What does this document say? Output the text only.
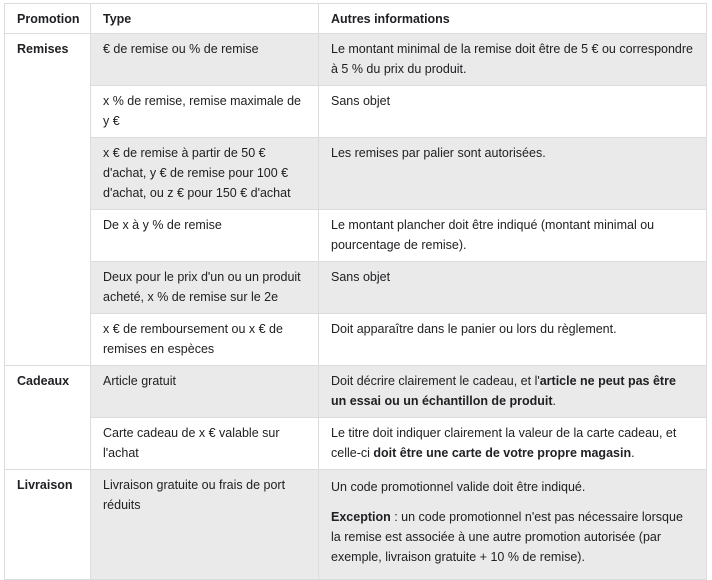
Promotion	Type	Autres informations
Remises	€ de remise ou % de remise	Le montant minimal de la remise doit être de 5 € ou correspondre à 5 % du prix du produit.
	x % de remise, remise maximale de y €	Sans objet
	x € de remise à partir de 50 € d'achat, y € de remise pour 100 € d'achat, ou z € pour 150 € d'achat	Les remises par palier sont autorisées.
	De x à y % de remise	Le montant plancher doit être indiqué (montant minimal ou pourcentage de remise).
	Deux pour le prix d'un ou un produit acheté, x % de remise sur le 2e	Sans objet
	x € de remboursement ou x € de remises en espèces	Doit apparaître dans le panier ou lors du règlement.
Cadeaux	Article gratuit	Doit décrire clairement le cadeau, et l'article ne peut pas être un essai ou un échantillon de produit.
	Carte cadeau de x € valable sur l'achat	Le titre doit indiquer clairement la valeur de la carte cadeau, et celle-ci doit être une carte de votre propre magasin.
Livraison	Livraison gratuite ou frais de port réduits	Un code promotionnel valide doit être indiqué.
Exception : un code promotionnel n'est pas nécessaire lorsque la remise est associée à une autre promotion autorisée (par exemple, livraison gratuite + 10 % de remise).
